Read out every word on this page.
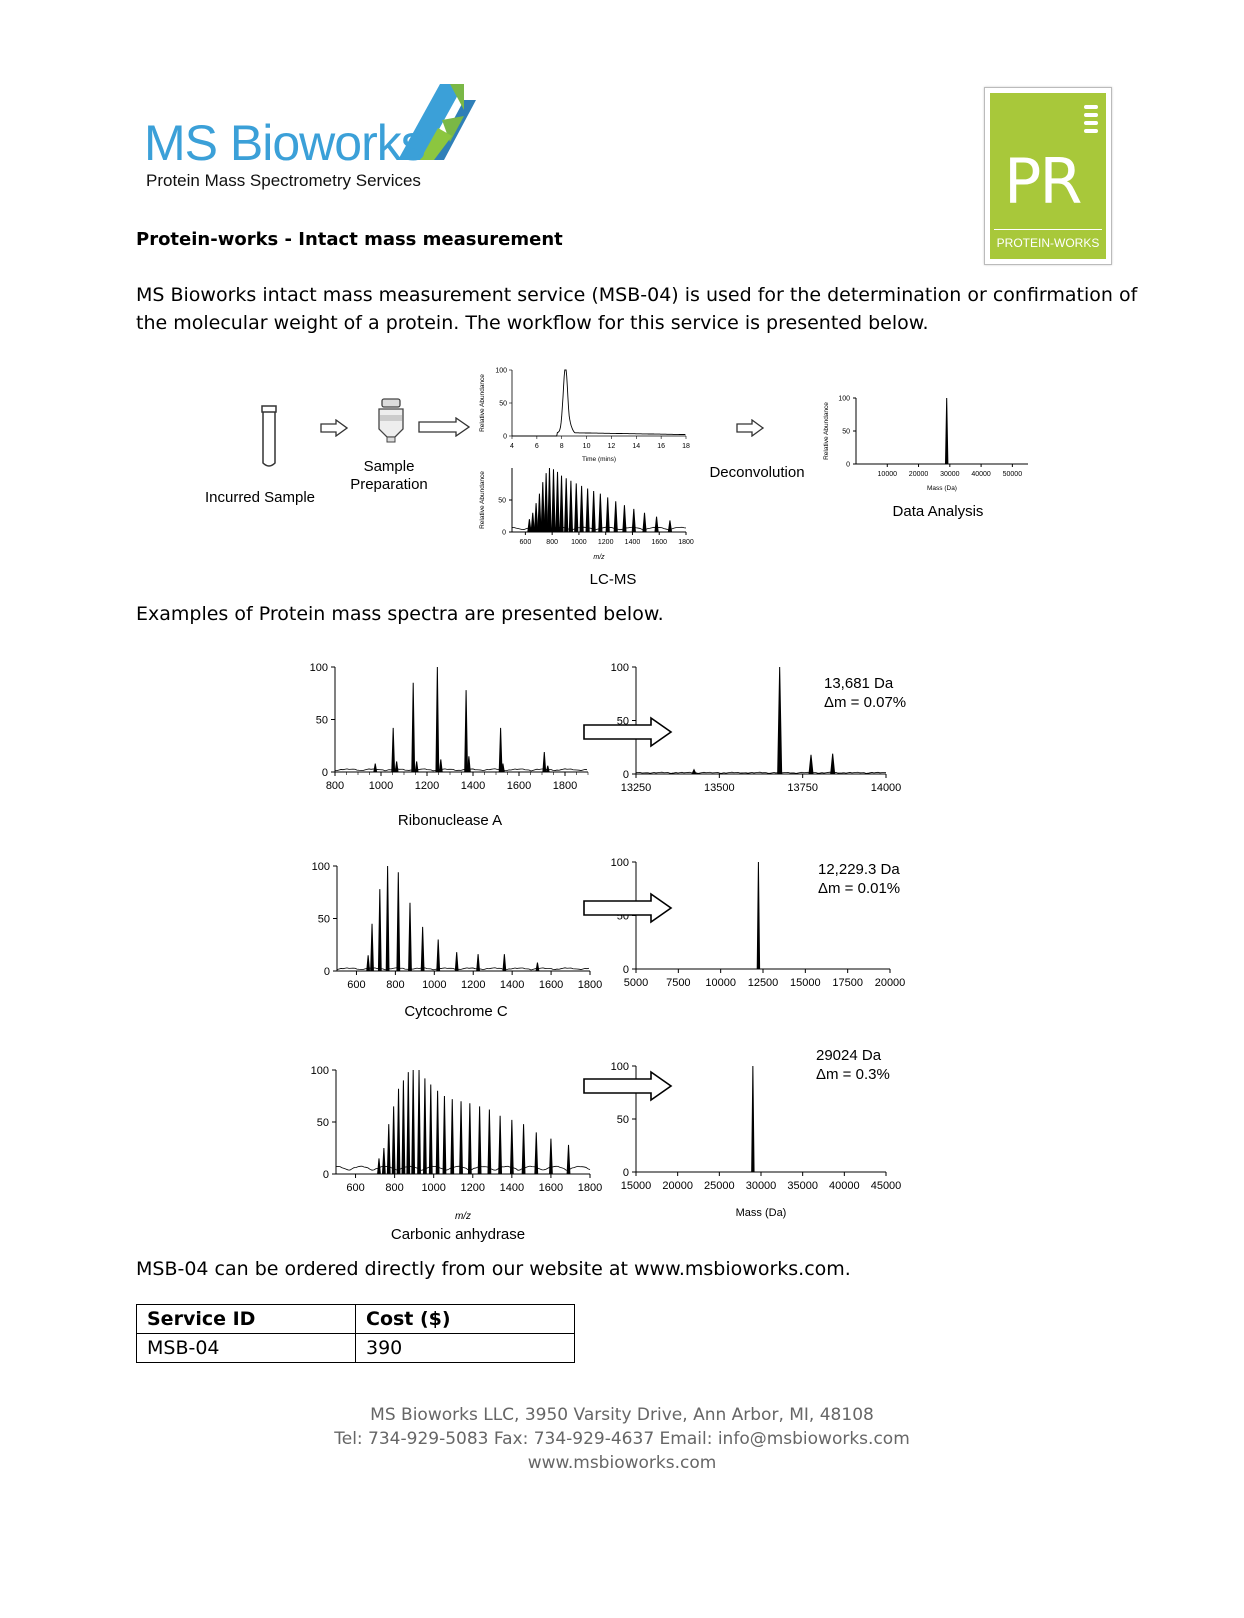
MS Bioworks
Protein Mass Spectrometry Services	PR
PROTEIN-WORKS
Protein-works - Intact mass measurement
MS Bioworks intact mass measurement service (MSB-04) is used for the determination or confirmation of
the molecular weight of a protein. The workflow for this service is presented below.
Incurred Sample
Sample
Preparation
0
50
100
4	6	8	10 12 14 16 18
Time (mins)
Relative Abundance
0
50
600 800 1000 1200 1400 1600 1800
m/z
Relative Abundance
LC-MS
Deconvolution	0
50
100
10000 20000 30000 40000 50000
Mass (Da)
Relative Abundance
Data Analysis
Examples of Protein mass spectra are presented below.
0
50
100
800 1000 1200 1400 1600 1800
0
50
100
13250	13500	13750	14000
Ribonuclease A
13,681 Da
Δm = 0.07%
0
50
100
600 800 1000 1200 1400 1600 1800
0
50
100
5000 7500 10000 12500 15000 17500 20000
Cytcochrome C
12,229.3 Da
Δm = 0.01%
0
50
100
600 800 1000 1200 1400 1600 1800
m/z
0
50
100
15000 20000 25000 30000 35000 40000 45000
Mass (Da)
Carbonic anhydrase
29024 Da
Δm = 0.3%
MSB-04 can be ordered directly from our website at www.msbioworks.com.
Service ID	Cost ($)
MSB-04	390
MS Bioworks LLC, 3950 Varsity Drive, Ann Arbor, MI, 48108
Tel: 734-929-5083 Fax: 734-929-4637 Email: info@msbioworks.com
www.msbioworks.com
